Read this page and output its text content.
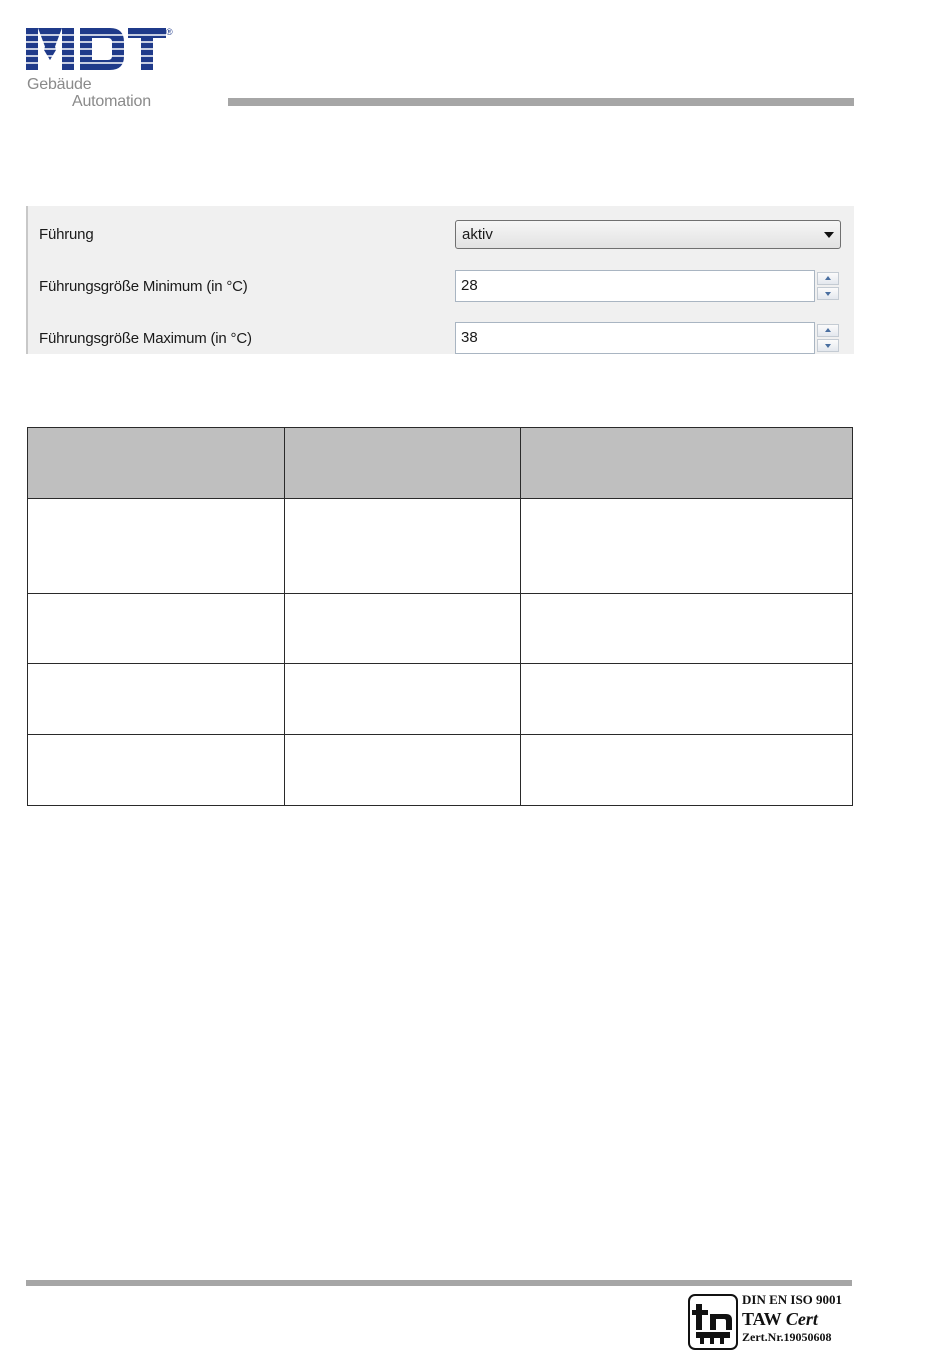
®
Gebäude
Automation
Führung	aktiv
Führungsgröße Minimum (in °C)	28
Führungsgröße Maximum (in °C)	38

DIN EN ISO 9001
TAW Cert
Zert.Nr.19050608
